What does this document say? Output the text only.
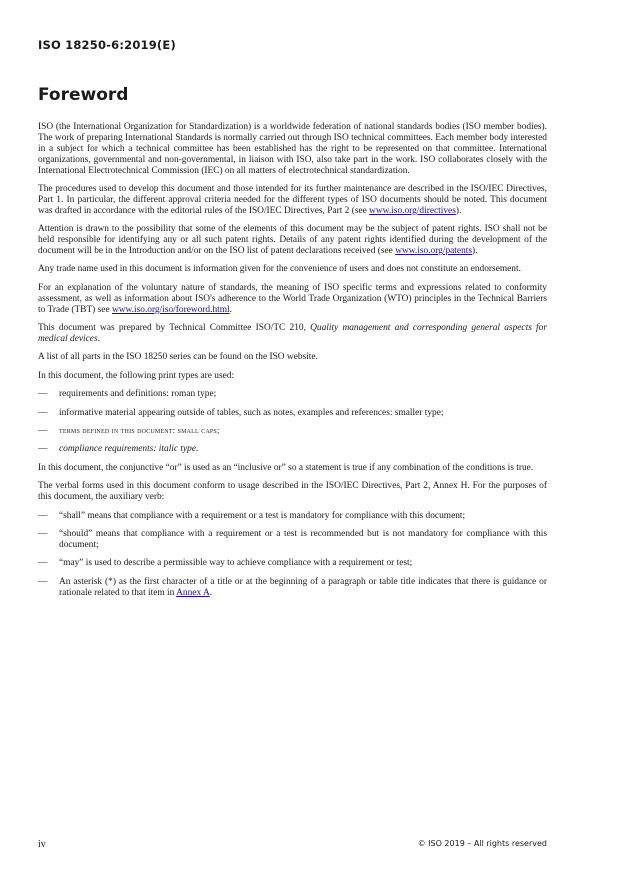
ISO 18250-6:2019(E)
Foreword

ISO (the International Organization for Standardization) is a worldwide federation of national standards bodies (ISO member bodies). The work of preparing International Standards is normally carried out through ISO technical committees. Each member body interested in a subject for which a technical committee has been established has the right to be represented on that committee. International organizations, governmental and non-governmental, in liaison with ISO, also take part in the work. ISO collaborates closely with the International Electrotechnical Commission (IEC) on all matters of electrotechnical standardization.

The procedures used to develop this document and those intended for its further maintenance are described in the ISO/IEC Directives, Part 1. In particular, the different approval criteria needed for the different types of ISO documents should be noted. This document was drafted in accordance with the editorial rules of the ISO/IEC Directives, Part 2 (see www.iso.org/directives).

Attention is drawn to the possibility that some of the elements of this document may be the subject of patent rights. ISO shall not be held responsible for identifying any or all such patent rights. Details of any patent rights identified during the development of the document will be in the Introduction and/or on the ISO list of patent declarations received (see www.iso.org/patents).

Any trade name used in this document is information given for the convenience of users and does not constitute an endorsement.

For an explanation of the voluntary nature of standards, the meaning of ISO specific terms and expressions related to conformity assessment, as well as information about ISO's adherence to the World Trade Organization (WTO) principles in the Technical Barriers to Trade (TBT) see www.iso.org/iso/foreword.html.

This document was prepared by Technical Committee ISO/TC 210, Quality management and corresponding general aspects for medical devices.

A list of all parts in the ISO 18250 series can be found on the ISO website.

In this document, the following print types are used:

—	requirements and definitions: roman type;
—	informative material appearing outside of tables, such as notes, examples and references: smaller type;
—	terms defined in this document: small caps;
—	compliance requirements: italic type.

In this document, the conjunctive “or” is used as an “inclusive or” so a statement is true if any combination of the conditions is true.

The verbal forms used in this document conform to usage described in the ISO/IEC Directives, Part 2, Annex H. For the purposes of this document, the auxiliary verb:

—	“shall” means that compliance with a requirement or a test is mandatory for compliance with this document;
—	“should” means that compliance with a requirement or a test is recommended but is not mandatory for compliance with this document;
—	“may” is used to describe a permissible way to achieve compliance with a requirement or test;
—	An asterisk (*) as the first character of a title or at the beginning of a paragraph or table title indicates that there is guidance or rationale related to that item in Annex A.
iv	© ISO 2019 – All rights reserved
